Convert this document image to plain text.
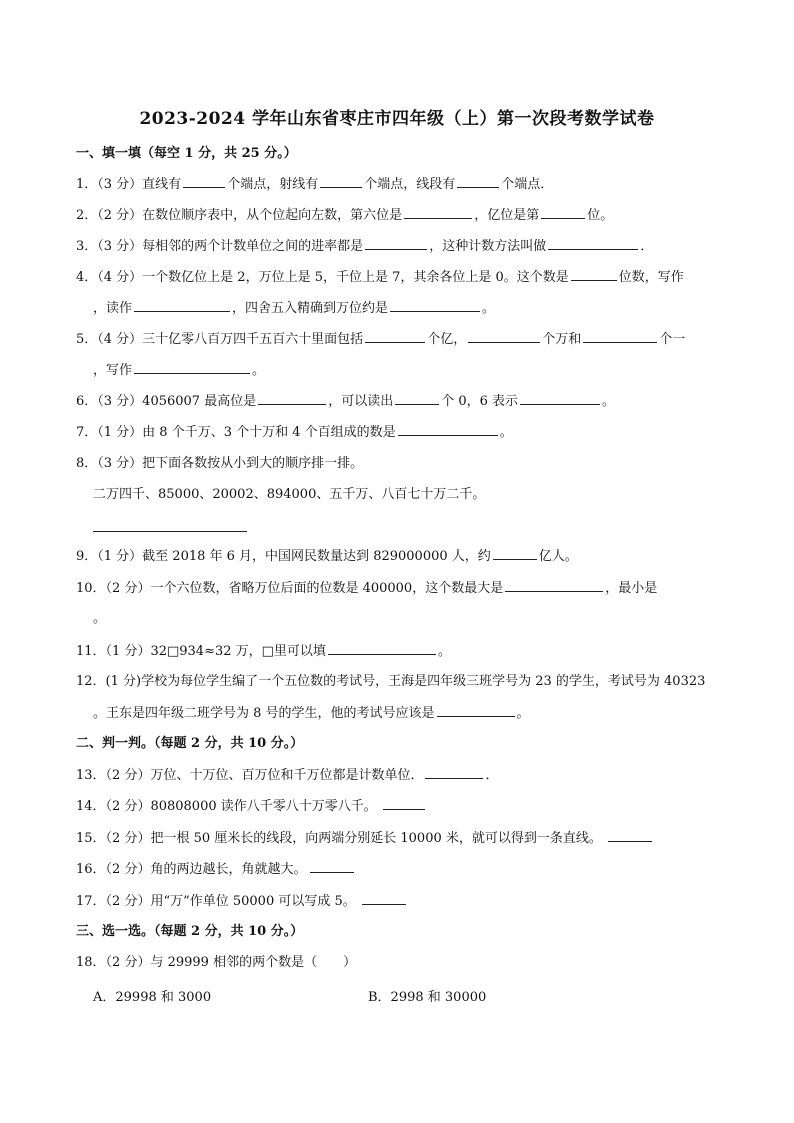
2023-2024 学年山东省枣庄市四年级（上）第一次段考数学试卷
一、填一填（每空 1 分，共 25 分。）
1．（3 分）直线有	个端点，射线有	个端点，线段有	个端点．
2．（2 分）在数位顺序表中，从个位起向左数，第六位是	，亿位是第	位。
3．（3 分）每相邻的两个计数单位之间的进率都是	，这种计数方法叫做	．
4．（4 分）一个数亿位上是 2，万位上是 5，千位上是 7，其余各位上是 0。这个数是	位数，写作
，读作	，四舍五入精确到万位约是	。
5．（4 分）三十亿零八百万四千五百六十里面包括	个亿，	个万和	个一
，写作	。
6．（3 分）4056007 最高位是	，可以读出	个 0，6 表示	。
7．（1 分）由 8 个千万、3 个十万和 4 个百组成的数是	。
8．（3 分）把下面各数按从小到大的顺序排一排。
二万四千、85000、20002、894000、五千万、八百七十万二千。
9．（1 分）截至 2018 年 6 月，中国网民数量达到 829000000 人，约	亿人。
10．（2 分）一个六位数，省略万位后面的位数是 400000，这个数最大是	，最小是
。
11．（1 分）32□934≈32 万，□里可以填	。
12．(1 分)学校为每位学生编了一个五位数的考试号，王海是四年级三班学号为 23 的学生，考试号为 40323
。王东是四年级二班学号为 8 号的学生，他的考试号应该是	。
二、判一判。（每题 2 分，共 10 分。）
13．（2 分）万位、十万位、百万位和千万位都是计数单位．	．
14．（2 分）80808000 读作八千零八十万零八千。
15．（2 分）把一根 50 厘米长的线段，向两端分别延长 10000 米，就可以得到一条直线。
16．（2 分）角的两边越长，角就越大。
17．（2 分）用“万”作单位 50000 可以写成 5。
三、选一选。（每题 2 分，共 10 分。）
18．（2 分）与 29999 相邻的两个数是（　　）
A．29998 和 3000	B．2998 和 30000
